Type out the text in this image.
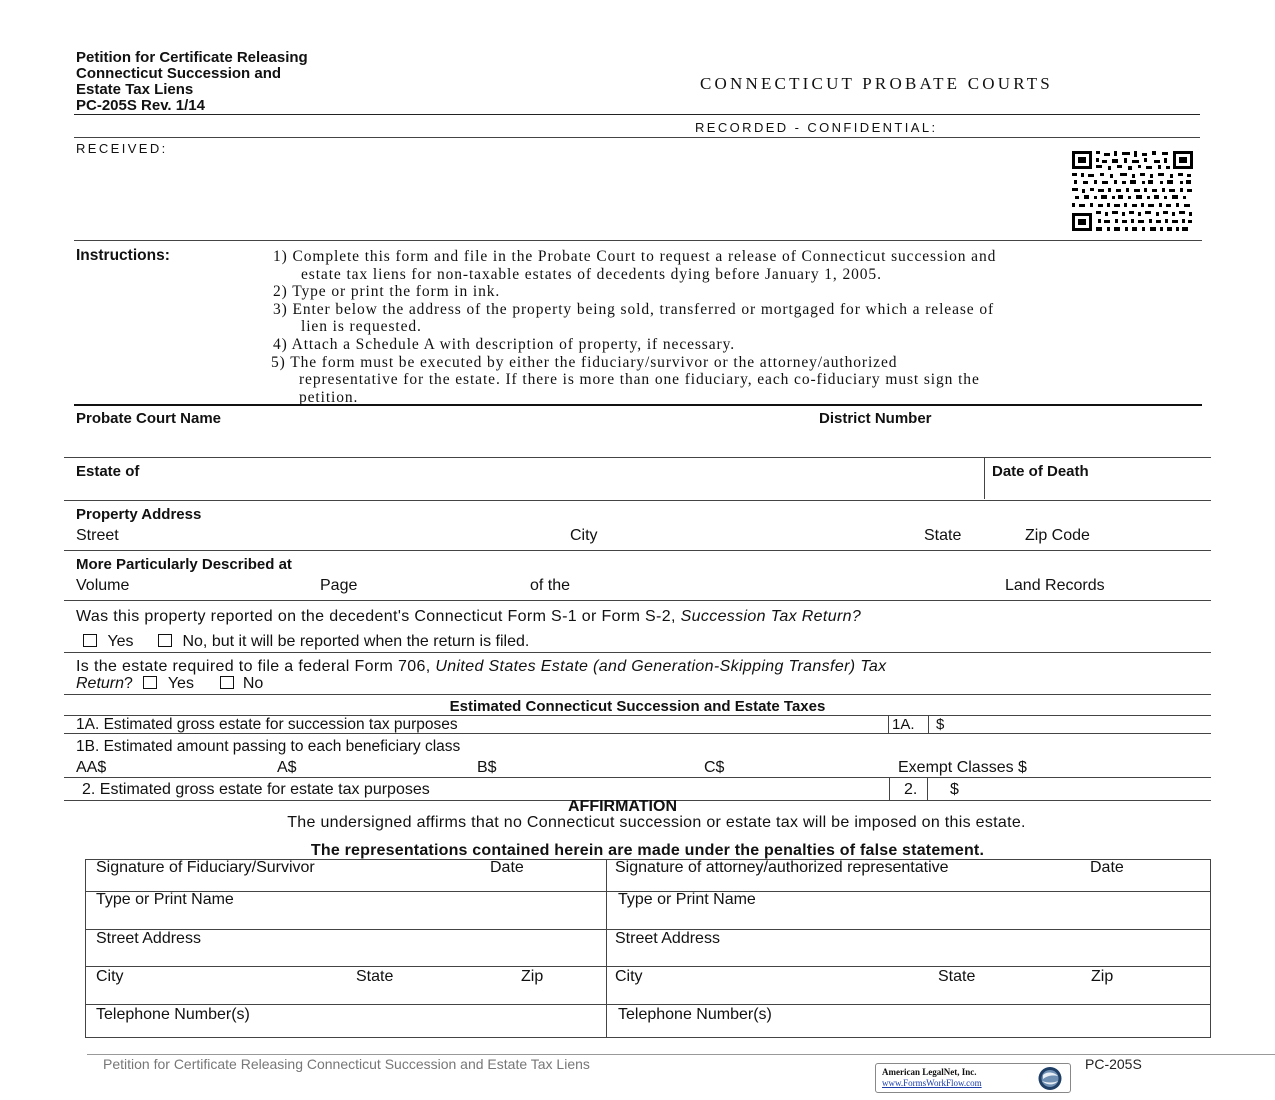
Petition for Certificate Releasing
Connecticut Succession and
Estate Tax Liens
PC-205S Rev. 1/14
CONNECTICUT PROBATE COURTS
RECORDED - CONFIDENTIAL:
RECEIVED:
Instructions:	1) Complete this form and file in the Probate Court to request a release of Connecticut succession and
estate tax liens for non-taxable estates of decedents dying before January 1, 2005.
2) Type or print the form in ink.
3) Enter below the address of the property being sold, transferred or mortgaged for which a release of
lien is requested.
4) Attach a Schedule A with description of property, if necessary.
5) The form must be executed by either the fiduciary/survivor or the attorney/authorized
representative for the estate. If there is more than one fiduciary, each co-fiduciary must sign the
petition.
Probate Court Name	District Number
Estate of	Date of Death
Property Address
Street	City	State	Zip Code
More Particularly Described at
Volume	Page	of the	Land Records
Was this property reported on the decedent's Connecticut Form S-1 or Form S-2, Succession Tax Return?
Yes	No, but it will be reported when the return is filed.
Is the estate required to file a federal Form 706, United States Estate (and Generation-Skipping Transfer) Tax
Return? Yes	No
Estimated Connecticut Succession and Estate Taxes
1A. Estimated gross estate for succession tax purposes	1A. $
1B. Estimated amount passing to each beneficiary class
AA$	A$	B$	C$	Exempt Classes $
2. Estimated gross estate for estate tax purposes	2. $
AFFIRMATION
The undersigned affirms that no Connecticut succession or estate tax will be imposed on this estate.
The representations contained herein are made under the penalties of false statement.
Signature of Fiduciary/Survivor	Date	Signature of attorney/authorized representative	Date
Type or Print Name	Type or Print Name
Street Address	Street Address
City	State	Zip	City	State	Zip
Telephone Number(s)	Telephone Number(s)
Petition for Certificate Releasing Connecticut Succession and Estate Tax Liens	PC-205S
American LegalNet, Inc.
www.FormsWorkFlow.com
